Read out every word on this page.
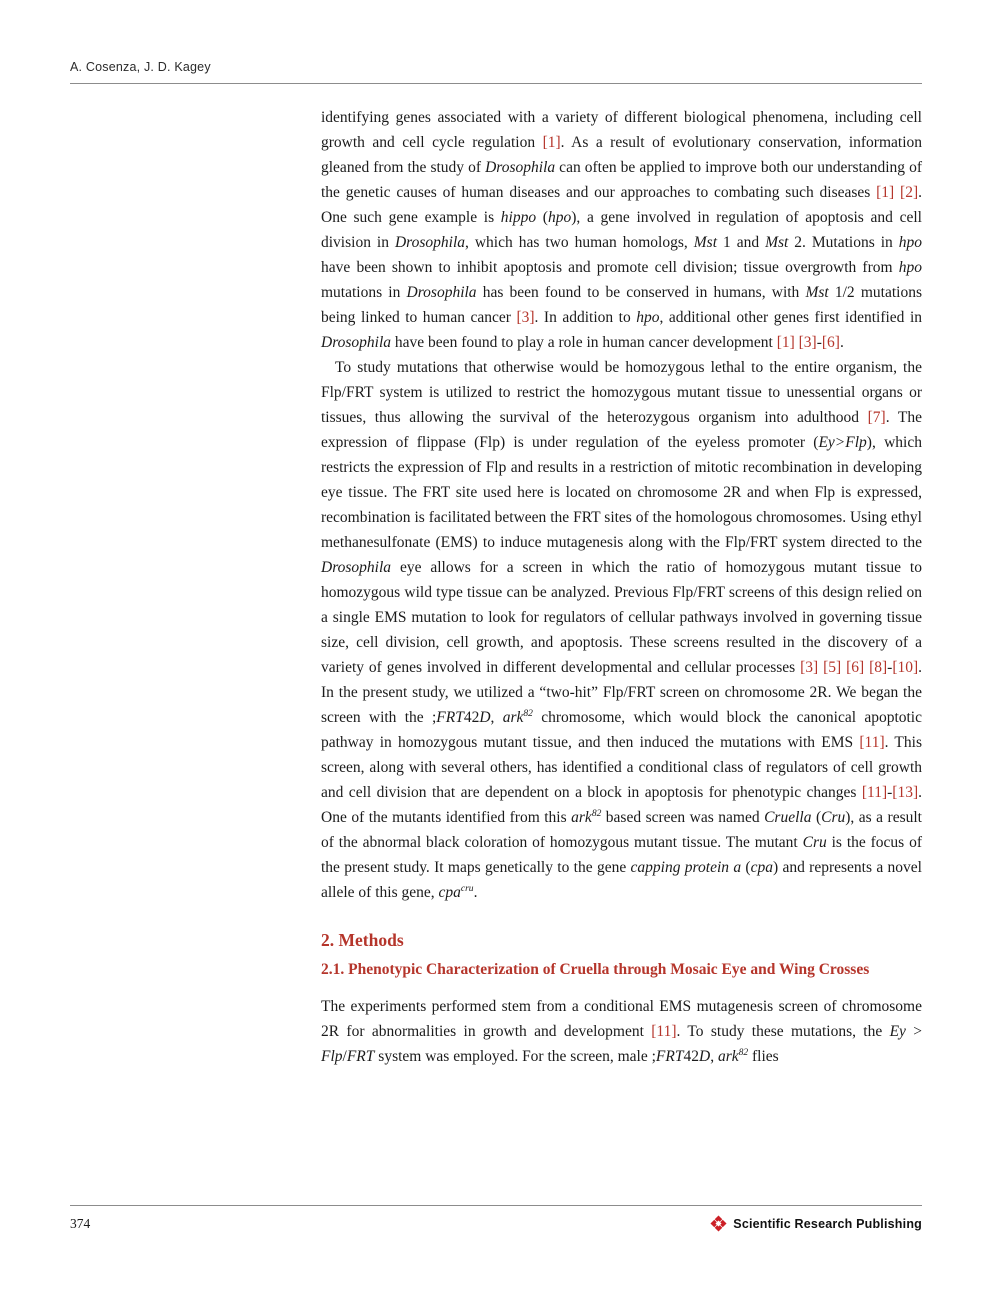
A. Cosenza, J. D. Kagey

identifying genes associated with a variety of different biological phenomena, including cell growth and cell cycle regulation [1]. As a result of evolutionary conservation, information gleaned from the study of Drosophila can often be applied to improve both our understanding of the genetic causes of human diseases and our approaches to combating such diseases [1] [2]. One such gene example is hippo (hpo), a gene involved in regulation of apoptosis and cell division in Drosophila, which has two human homologs, Mst 1 and Mst 2. Mutations in hpo have been shown to inhibit apoptosis and promote cell division; tissue overgrowth from hpo mutations in Drosophila has been found to be conserved in humans, with Mst 1/2 mutations being linked to human cancer [3]. In addition to hpo, additional other genes first identified in Drosophila have been found to play a role in human cancer development [1] [3]-[6].

To study mutations that otherwise would be homozygous lethal to the entire organism, the Flp/FRT system is utilized to restrict the homozygous mutant tissue to unessential organs or tissues, thus allowing the survival of the heterozygous organism into adulthood [7]. The expression of flippase (Flp) is under regulation of the eyeless promoter (Ey>Flp), which restricts the expression of Flp and results in a restriction of mitotic recombination in developing eye tissue. The FRT site used here is located on chromosome 2R and when Flp is expressed, recombination is facilitated between the FRT sites of the homologous chromosomes. Using ethyl methanesulfonate (EMS) to induce mutagenesis along with the Flp/FRT system directed to the Drosophila eye allows for a screen in which the ratio of homozygous mutant tissue to homozygous wild type tissue can be analyzed. Previous Flp/FRT screens of this design relied on a single EMS mutation to look for regulators of cellular pathways involved in governing tissue size, cell division, cell growth, and apoptosis. These screens resulted in the discovery of a variety of genes involved in different developmental and cellular processes [3] [5] [6] [8]-[10]. In the present study, we utilized a “two-hit” Flp/FRT screen on chromosome 2R. We began the screen with the ;FRT42D, ark$^{82}$ chromosome, which would block the canonical apoptotic pathway in homozygous mutant tissue, and then induced the mutations with EMS [11]. This screen, along with several others, has identified a conditional class of regulators of cell growth and cell division that are dependent on a block in apoptosis for phenotypic changes [11]-[13]. One of the mutants identified from this ark$^{82}$ based screen was named Cruella (Cru), as a result of the abnormal black coloration of homozygous mutant tissue. The mutant Cru is the focus of the present study. It maps genetically to the gene capping protein a (cpa) and represents a novel allele of this gene, cpa$^{cru}$.

2. Methods
2.1. Phenotypic Characterization of Cruella through Mosaic Eye and Wing Crosses

The experiments performed stem from a conditional EMS mutagenesis screen of chromosome 2R for abnormalities in growth and development [11]. To study these mutations, the Ey > Flp/FRT system was employed. For the screen, male ;FRT42D, ark$^{82}$ flies

374	Scientific Research Publishing
